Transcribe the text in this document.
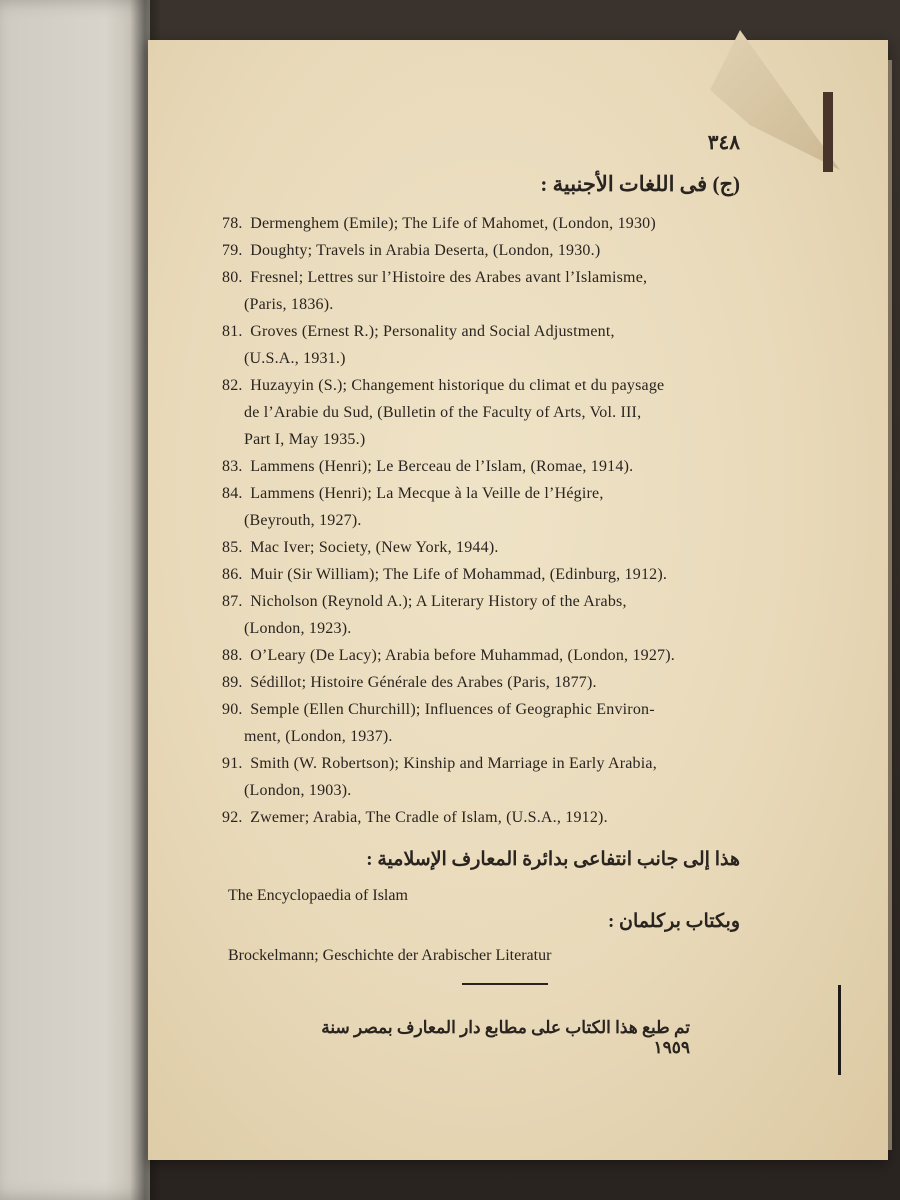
٣٤٨
(ج) فى اللغات الأجنبية :
78. Dermenghem (Emile); The Life of Mahomet, (London, 1930)
79. Doughty; Travels in Arabia Deserta, (London, 1930.)
80. Fresnel; Lettres sur l’Histoire des Arabes avant l’Islamisme,
(Paris, 1836).
81. Groves (Ernest R.); Personality and Social Adjustment,
(U.S.A., 1931.)
82. Huzayyin (S.); Changement historique du climat et du paysage
de l’Arabie du Sud, (Bulletin of the Faculty of Arts, Vol. III,
Part I, May 1935.)
83. Lammens (Henri); Le Berceau de l’Islam, (Romae, 1914).
84. Lammens (Henri); La Mecque à la Veille de l’Hégire,
(Beyrouth, 1927).
85. Mac Iver; Society, (New York, 1944).
86. Muir (Sir William); The Life of Mohammad, (Edinburg, 1912).
87. Nicholson (Reynold A.); A Literary History of the Arabs,
(London, 1923).
88. O’Leary (De Lacy); Arabia before Muhammad, (London, 1927).
89. Sédillot; Histoire Générale des Arabes (Paris, 1877).
90. Semple (Ellen Churchill); Influences of Geographic Environ-
ment, (London, 1937).
91. Smith (W. Robertson); Kinship and Marriage in Early Arabia,
(London, 1903).
92. Zwemer; Arabia, The Cradle of Islam, (U.S.A., 1912).
هذا إلى جانب انتفاعى بدائرة المعارف الإسلامية :
The Encyclopaedia of Islam
وبكتاب بركلمان :
Brockelmann; Geschichte der Arabischer Literatur
تم طبع هذا الكتاب على مطابع دار المعارف بمصر سنة ١٩٥٩
